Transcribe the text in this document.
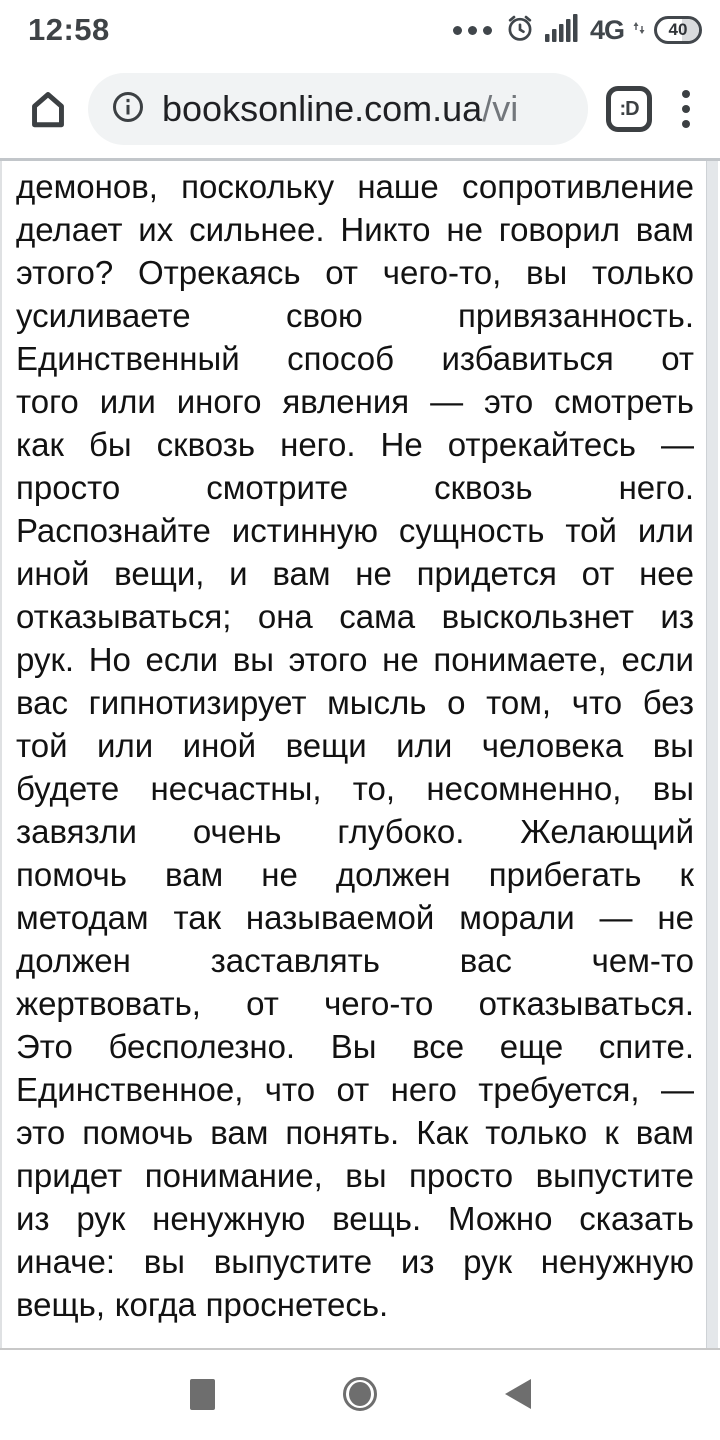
12:58	4G	40
booksonline.com.ua/vi	:D
демонов, поскольку наше сопротивление
делает их сильнее. Никто не говорил вам
этого? Отрекаясь от чего-то, вы только
усиливаете свою привязанность.
Единственный способ избавиться от
того или иного явления — это смотреть
как бы сквозь него. Не отрекайтесь —
просто смотрите сквозь него.
Распознайте истинную сущность той или
иной вещи, и вам не придется от нее
отказываться; она сама выскользнет из
рук. Но если вы этого не понимаете, если
вас гипнотизирует мысль о том, что без
той или иной вещи или человека вы
будете несчастны, то, несомненно, вы
завязли очень глубоко. Желающий
помочь вам не должен прибегать к
методам так называемой морали — не
должен заставлять вас чем-то
жертвовать, от чего-то отказываться.
Это бесполезно. Вы все еще спите.
Единственное, что от него требуется, —
это помочь вам понять. Как только к вам
придет понимание, вы просто выпустите
из рук ненужную вещь. Можно сказать
иначе: вы выпустите из рук ненужную
вещь, когда проснетесь.
